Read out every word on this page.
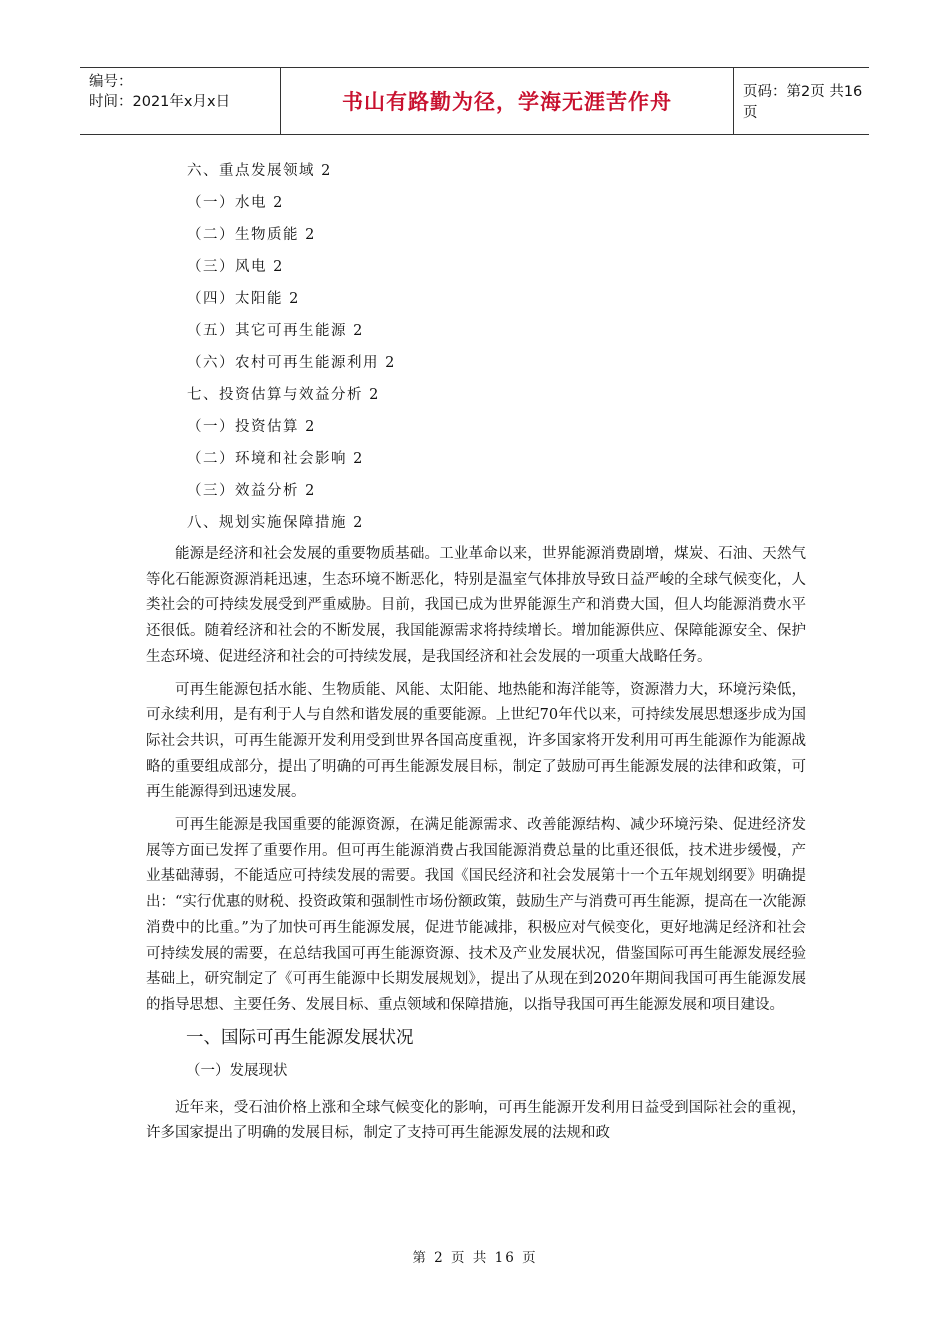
编号：
时间：2021年x月x日	书山有路勤为径，学海无涯苦作舟	页码：第2页 共16页
六、重点发展领域 2
（一）水电 2
（二）生物质能 2
（三）风电 2
（四）太阳能 2
（五）其它可再生能源 2
（六）农村可再生能源利用 2
七、投资估算与效益分析 2
（一）投资估算 2
（二）环境和社会影响 2
（三）效益分析 2
八、规划实施保障措施 2

能源是经济和社会发展的重要物质基础。工业革命以来，世界能源消费剧增，煤炭、石油、天然气等化石能源资源消耗迅速，生态环境不断恶化，特别是温室气体排放导致日益严峻的全球气候变化，人类社会的可持续发展受到严重威胁。目前，我国已成为世界能源生产和消费大国，但人均能源消费水平还很低。随着经济和社会的不断发展，我国能源需求将持续增长。增加能源供应、保障能源安全、保护生态环境、促进经济和社会的可持续发展，是我国经济和社会发展的一项重大战略任务。

可再生能源包括水能、生物质能、风能、太阳能、地热能和海洋能等，资源潜力大，环境污染低，可永续利用，是有利于人与自然和谐发展的重要能源。上世纪70年代以来，可持续发展思想逐步成为国际社会共识，可再生能源开发利用受到世界各国高度重视，许多国家将开发利用可再生能源作为能源战略的重要组成部分，提出了明确的可再生能源发展目标，制定了鼓励可再生能源发展的法律和政策，可再生能源得到迅速发展。

可再生能源是我国重要的能源资源，在满足能源需求、改善能源结构、减少环境污染、促进经济发展等方面已发挥了重要作用。但可再生能源消费占我国能源消费总量的比重还很低，技术进步缓慢，产业基础薄弱，不能适应可持续发展的需要。我国《国民经济和社会发展第十一个五年规划纲要》明确提出：“实行优惠的财税、投资政策和强制性市场份额政策，鼓励生产与消费可再生能源，提高在一次能源消费中的比重。”为了加快可再生能源发展，促进节能减排，积极应对气候变化，更好地满足经济和社会可持续发展的需要，在总结我国可再生能源资源、技术及产业发展状况，借鉴国际可再生能源发展经验基础上，研究制定了《可再生能源中长期发展规划》，提出了从现在到2020年期间我国可再生能源发展的指导思想、主要任务、发展目标、重点领域和保障措施，以指导我国可再生能源发展和项目建设。

一、国际可再生能源发展状况
（一）发展现状

近年来，受石油价格上涨和全球气候变化的影响，可再生能源开发利用日益受到国际社会的重视，许多国家提出了明确的发展目标，制定了支持可再生能源发展的法规和政

第 2 页 共 16 页
